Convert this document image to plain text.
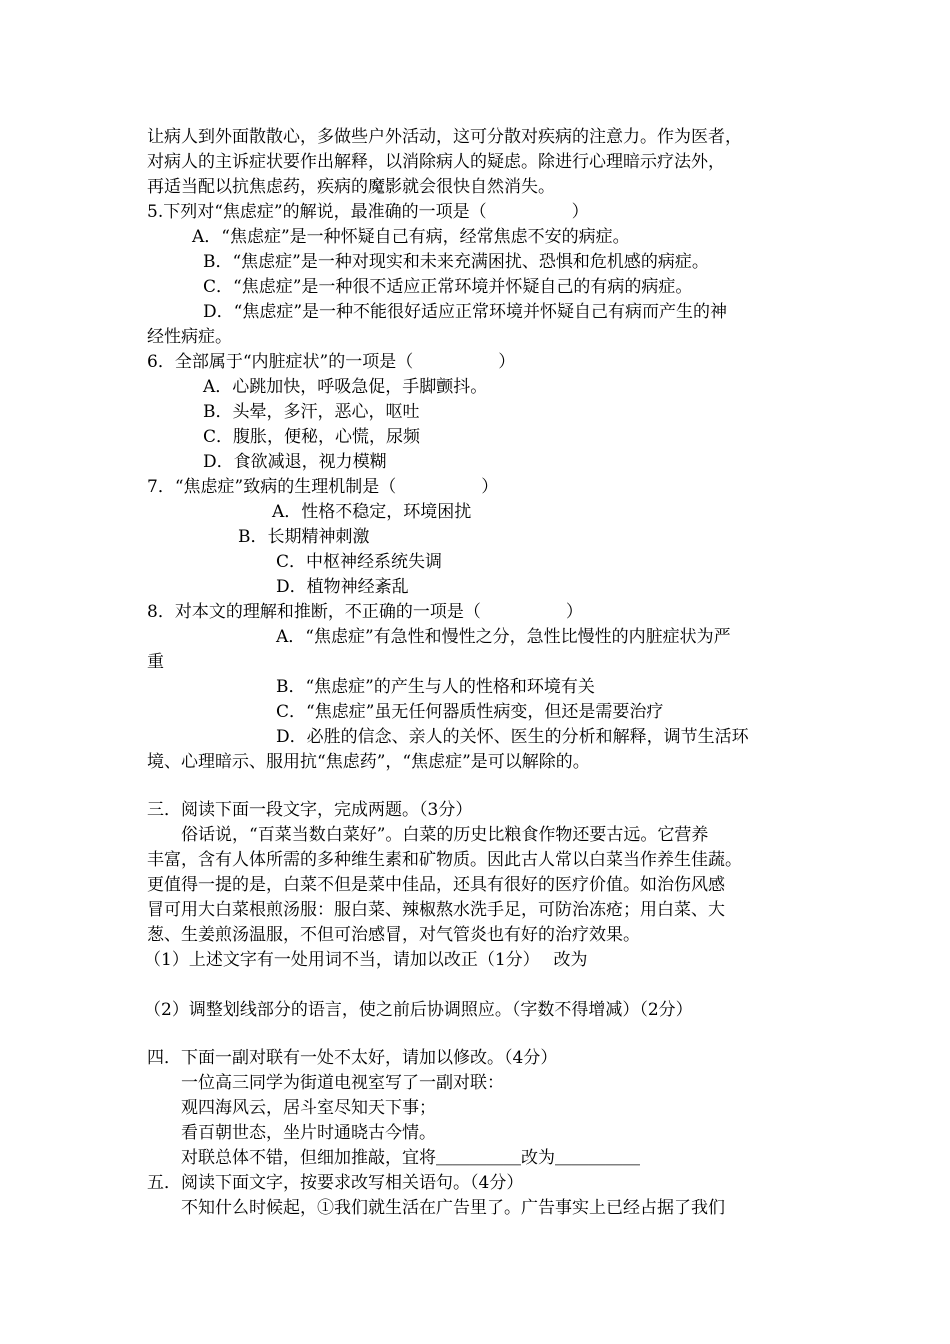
让病人到外面散散心，多做些户外活动，这可分散对疾病的注意力。作为医者，
对病人的主诉症状要作出解释，以消除病人的疑虑。除进行心理暗示疗法外，
再适当配以抗焦虑药，疾病的魔影就会很快自然消失。
5.下列对“焦虑症”的解说，最准确的一项是（　　　　　）
A．“焦虑症”是一种怀疑自己有病，经常焦虑不安的病症。
B．“焦虑症”是一种对现实和未来充满困扰、恐惧和危机感的病症。
C．“焦虑症”是一种很不适应正常环境并怀疑自己的有病的病症。
D．“焦虑症”是一种不能很好适应正常环境并怀疑自己有病而产生的神
经性病症。
6．全部属于“内脏症状”的一项是（　　　　　）
A．心跳加快，呼吸急促，手脚颤抖。
B．头晕，多汗，恶心，呕吐
C．腹胀，便秘，心慌，尿频
D．食欲减退，视力模糊
7．“焦虑症”致病的生理机制是（　　　　　）
A．性格不稳定，环境困扰
B．长期精神刺激
C．中枢神经系统失调
D．植物神经紊乱
8．对本文的理解和推断，不正确的一项是（　　　　　）
A．“焦虑症”有急性和慢性之分，急性比慢性的内脏症状为严
重
B．“焦虑症”的产生与人的性格和环境有关
C．“焦虑症”虽无任何器质性病变，但还是需要治疗
D．必胜的信念、亲人的关怀、医生的分析和解释，调节生活环
境、心理暗示、服用抗“焦虑药”，“焦虑症”是可以解除的。
三．阅读下面一段文字，完成两题。（3分）
　　俗话说，“百菜当数白菜好”。白菜的历史比粮食作物还要古远。它营养
丰富，含有人体所需的多种维生素和矿物质。因此古人常以白菜当作养生佳蔬。
更值得一提的是，白菜不但是菜中佳品，还具有很好的医疗价值。如治伤风感
冒可用大白菜根煎汤服：服白菜、辣椒熬水洗手足，可防治冻疮；用白菜、大
葱、生姜煎汤温服，不但可治感冒，对气管炎也有好的治疗效果。
（1）上述文字有一处用词不当，请加以改正（1分）　 改为
（2）调整划线部分的语言，使之前后协调照应。（字数不得增减）（2分）
四．下面一副对联有一处不太好，请加以修改。（4分）
　　一位高三同学为街道电视室写了一副对联：
　　观四海风云，居斗室尽知天下事；
　　看百朝世态，坐片时通晓古今情。
　　对联总体不错，但细加推敲，宜将＿＿＿＿＿改为＿＿＿＿＿
五．阅读下面文字，按要求改写相关语句。（4分）
　　不知什么时候起，①我们就生活在广告里了。广告事实上已经占据了我们
